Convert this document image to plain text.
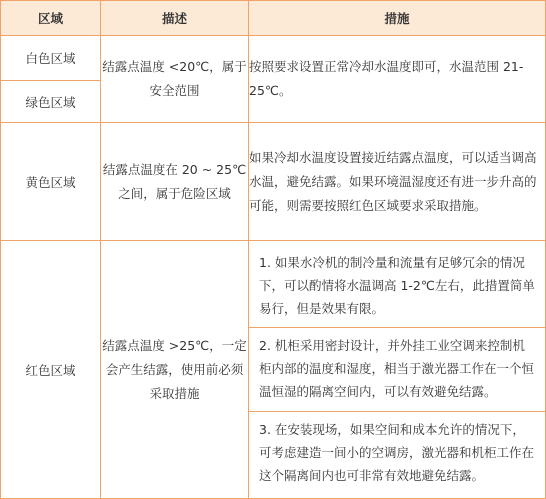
区域	描述	措施
白色区域	结露点温度 <20℃，属于安全范围	按照要求设置正常冷却水温度即可，水温范围 21-25℃。
绿色区域		
黄色区域	结露点温度在 20 ~ 25℃之间，属于危险区域	如果冷却水温度设置接近结露点温度，可以适当调高水温，避免结露。如果环境温湿度还有进一步升高的可能，则需要按照红色区域要求采取措施。
红色区域	结露点温度 >25℃，一定会产生结露，使用前必须采取措施	1. 如果水冷机的制冷量和流量有足够冗余的情况下，可以酌情将水温调高 1-2℃左右，此措置简单易行，但是效果有限。
2. 机柜采用密封设计，并外挂工业空调来控制机柜内部的温度和湿度，相当于激光器工作在一个恒温恒湿的隔离空间内，可以有效避免结露。
3. 在安装现场，如果空间和成本允许的情况下，可考虑建造一间小的空调房，激光器和机柜工作在这个隔离间内也可非常有效地避免结露。
